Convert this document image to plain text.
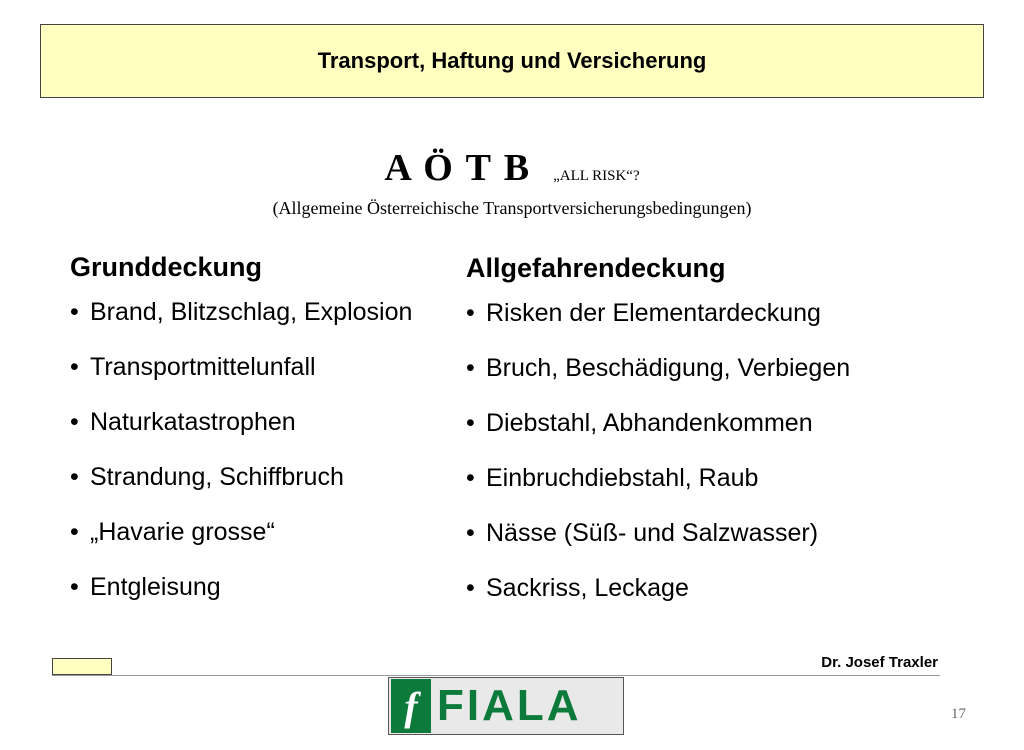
Transport, Haftung und Versicherung
A Ö T B „ALL RISK“?
(Allgemeine Österreichische Transportversicherungsbedingungen)
Grunddeckung
• Brand, Blitzschlag, Explosion
• Transportmittelunfall
• Naturkatastrophen
• Strandung, Schiffbruch
• „Havarie grosse“
• Entgleisung
Allgefahrendeckung
• Risken der Elementardeckung
• Bruch, Beschädigung, Verbiegen
• Diebstahl, Abhandenkommen
• Einbruchdiebstahl, Raub
• Nässe (Süß- und Salzwasser)
• Sackriss, Leckage
Dr. Josef Traxler
f FIALA	17
